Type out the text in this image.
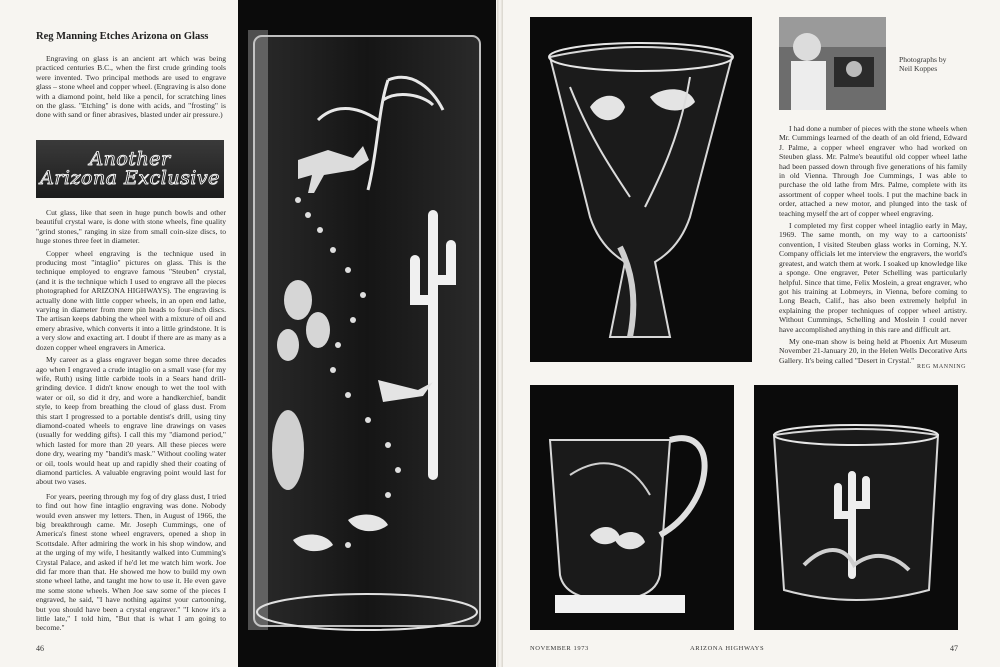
Reg Manning Etches Arizona on Glass

Engraving on glass is an ancient art which was being practiced centuries B.C., when the first crude grinding tools were invented. Two principal methods are used to engrave glass – stone wheel and copper wheel. (Engraving is also done with a diamond point, held like a pencil, for scratching lines on the glass. "Etching" is done with acids, and "frosting" is done with sand or finer abrasives, blasted under air pressure.)

Another
Arizona Exclusive

Cut glass, like that seen in huge punch bowls and other beautiful crystal ware, is done with stone wheels, fine quality "grind stones," ranging in size from small coin-size discs, to huge stones three feet in diameter.

Copper wheel engraving is the technique used in producing most "intaglio" pictures on glass. This is the technique employed to engrave famous "Steuben" crystal, (and it is the technique which I used to engrave all the pieces photographed for ARIZONA HIGHWAYS). The engraving is actually done with little copper wheels, in an open end lathe, varying in diameter from mere pin heads to four-inch discs. The artisan keeps dabbing the wheel with a mixture of oil and emery abrasive, which converts it into a little grindstone. It is a very slow and exacting art. I doubt if there are as many as a dozen copper wheel engravers in America.

My career as a glass engraver began some three decades ago when I engraved a crude intaglio on a small vase (for my wife, Ruth) using little carbide tools in a Sears hand drill-grinding device. I didn't know enough to wet the tool with water or oil, so did it dry, and wore a handkerchief, bandit style, to keep from breathing the cloud of glass dust. From this start I progressed to a portable dentist's drill, using tiny diamond-coated wheels to engrave line drawings on vases (usually for wedding gifts). I call this my "diamond period," which lasted for more than 20 years. All these pieces were done dry, wearing my "bandit's mask." Without cooling water or oil, tools would heat up and rapidly shed their coating of diamond particles. A valuable engraving point would last for about two vases.

For years, peering through my fog of dry glass dust, I tried to find out how fine intaglio engraving was done. Nobody would even answer my letters. Then, in August of 1966, the big breakthrough came. Mr. Joseph Cummings, one of America's finest stone wheel engravers, opened a shop in Scottsdale. After admiring the work in his shop window, and at the urging of my wife, I hesitantly walked into Cumming's Crystal Palace, and asked if he'd let me watch him work. Joe did far more than that. He showed me how to build my own stone wheel lathe, and taught me how to use it. He even gave me some stone wheels. When Joe saw some of the pieces I engraved, he said, "I have nothing against your cartooning, but you should have been a crystal engraver." "I know it's a little late," I told him, "But that is what I am going to become."

46
Photographs by
Neil Koppes

I had done a number of pieces with the stone wheels when Mr. Cummings learned of the death of an old friend, Edward J. Palme, a copper wheel engraver who had worked on Steuben glass. Mr. Palme's beautiful old copper wheel lathe had been passed down through five generations of his family in old Vienna. Through Joe Cummings, I was able to purchase the old lathe from Mrs. Palme, complete with its assortment of copper wheel tools. I put the machine back in order, attached a new motor, and plunged into the task of teaching myself the art of copper wheel engraving.

I completed my first copper wheel intaglio early in May, 1969. The same month, on my way to a cartoonists' convention, I visited Steuben glass works in Corning, N.Y. Company officials let me interview the engravers, the world's greatest, and watch them at work. I soaked up knowledge like a sponge. One engraver, Peter Schelling was particularly helpful. Since that time, Felix Moslein, a great engraver, who got his training at Lobmeyrs, in Vienna, before coming to Long Beach, Calif., has also been extremely helpful in explaining the proper techniques of copper wheel artistry. Without Cummings, Schelling and Moslein I could never have accomplished anything in this rare and difficult art.

My one-man show is being held at Phoenix Art Museum November 21-January 20, in the Helen Wells Decorative Arts Gallery. It's being called "Desert in Crystal."

REG MANNING
NOVEMBER 1973	ARIZONA HIGHWAYS	47
